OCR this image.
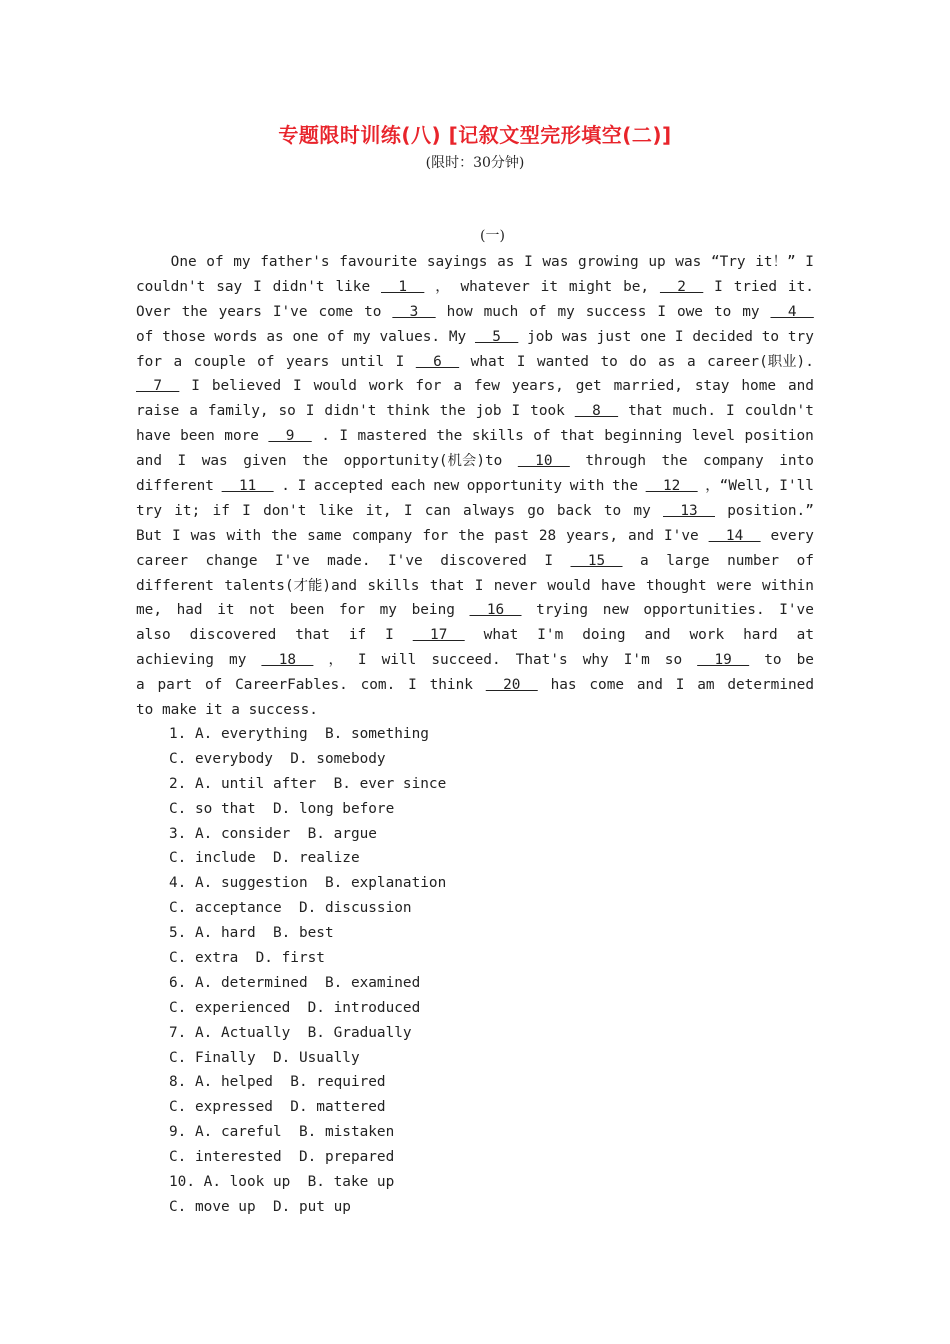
专题限时训练(八) [记叙文型完形填空(二)]
(限时：30分钟)
(一)
One of my father's favourite sayings as I was growing up was “Try it！” I
couldn't say I didn't like 1 ， whatever it might be, 2 I tried it.
Over the years I've come to 3 how much of my success I owe to my 4
of those words as one of my values. My 5 job was just one I decided to try
for a couple of years until I 6 what I wanted to do as a career(职业).
7 I believed I would work for a few years, get married, stay home and
raise a family, so I didn't think the job I took 8 that much. I couldn't
have been more 9 . I mastered the skills of that beginning level position
and I was given the opportunity(机会)to 10 through the company into
different 11 . I accepted each new opportunity with the 12 ，“Well, I'll
try it; if I don't like it, I can always go back to my 13 position.”
But I was with the same company for the past 28 years, and I've 14 every
career change I've made. I've discovered I 15 a large number of
different talents(才能)and skills that I never would have thought were within
me, had it not been for my being 16 trying new opportunities. I've
also discovered that if I 17 what I'm doing and work hard at
achieving my 18 ， I will succeed. That's why I'm so 19 to be
a part of CareerFables. com. I think 20 has come and I am determined
to make it a success.
1. A. everything  B. something
C. everybody  D. somebody
2. A. until after  B. ever since
C. so that  D. long before
3. A. consider  B. argue
C. include  D. realize
4. A. suggestion  B. explanation
C. acceptance  D. discussion
5. A. hard  B. best
C. extra  D. first
6. A. determined  B. examined
C. experienced  D. introduced
7. A. Actually  B. Gradually
C. Finally  D. Usually
8. A. helped  B. required
C. expressed  D. mattered
9. A. careful  B. mistaken
C. interested  D. prepared
10. A. look up  B. take up
C. move up  D. put up
